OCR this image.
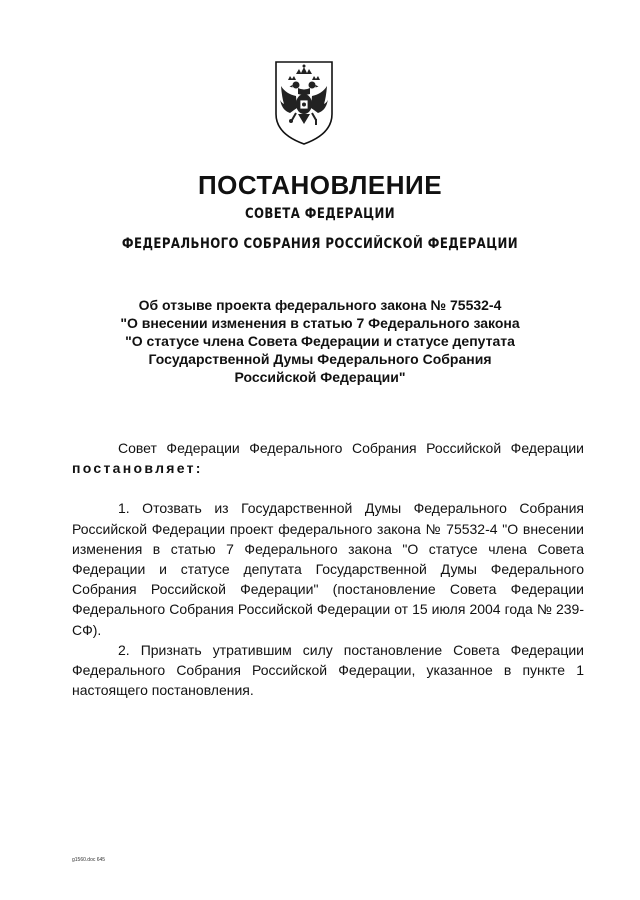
ПОСТАНОВЛЕНИЕ
СОВЕТА ФЕДЕРАЦИИ
ФЕДЕРАЛЬНОГО СОБРАНИЯ РОССИЙСКОЙ ФЕДЕРАЦИИ
Об отзыве проекта федерального закона № 75532-4
"О внесении изменения в статью 7 Федерального закона
"О статусе члена Совета Федерации и статусе депутата
Государственной Думы Федерального Собрания
Российской Федерации"

Совет Федерации Федерального Собрания Российской Федерации постановляет:

1. Отозвать из Государственной Думы Федерального Собрания Российской Федерации проект федерального закона № 75532-4 "О внесении изменения в статью 7 Федерального закона "О статусе члена Совета Федерации и статусе депутата Государственной Думы Федерального Собрания Российской Федерации" (постановление Совета Федерации Федерального Собрания Российской Федерации от 15 июля 2004 года № 239-СФ).

2. Признать утратившим силу постановление Совета Федерации Федерального Собрания Российской Федерации, указанное в пункте 1 настоящего постановления.

g1560.doc 645
